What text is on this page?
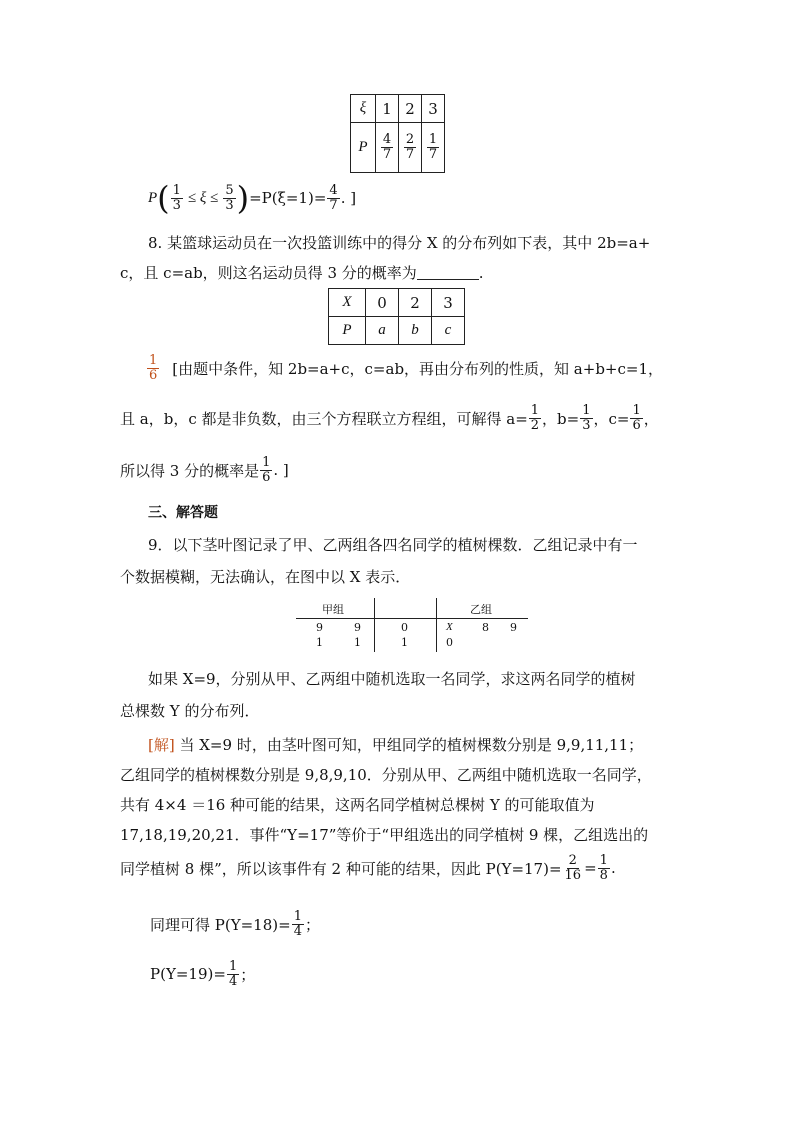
ξ	1	2	3
P	$\frac{4}{7}$	$\frac{2}{7}$	$\frac{1}{7}$
P ( $\frac{1}{3} \le \xi \le \frac{5}{3}$ ) $=P(\xi=1)= \frac{4}{7}$ . ]
8. 某篮球运动员在一次投篮训练中的得分 X 的分布列如下表，其中 2b=a+
c，且 c=ab，则这名运动员得 3 分的概率为	.
X	0	2	3
P	a	b	c
$\frac{1}{6}$ [由题中条件，知 2b=a+c，c=ab，再由分布列的性质，知 a+b+c=1，
且 a，b，c 都是非负数，由三个方程联立方程组，可解得 $a= \frac{1}{2}$ ，$b= \frac{1}{3}$ ，$c= \frac{1}{6}$ ，
所以得 3 分的概率是 $\frac{1}{6}$ . ]
三、解答题
9．以下茎叶图记录了甲、乙两组各四名同学的植树棵数．乙组记录中有一
个数据模糊，无法确认，在图中以 X 表示．
甲组	乙组
9	9	0	X	8 9
1	1	1	0
如果 X=9，分别从甲、乙两组中随机选取一名同学，求这两名同学的植树
总棵数 Y 的分布列．
[解] 当 X=9 时，由茎叶图可知，甲组同学的植树棵数分别是 9,9,11,11；
乙组同学的植树棵数分别是 9,8,9,10．分别从甲、乙两组中随机选取一名同学，
共有 4×4 ＝16 种可能的结果，这两名同学植树总棵树 Y 的可能取值为
17,18,19,20,21．事件“Y=17”等价于“甲组选出的同学植树 9 棵，乙组选出的
同学植树 8 棵”，所以该事件有 2 种可能的结果，因此 $P(Y=17)= \frac{2}{16} = \frac{1}{8}$ .
同理可得 $P(Y=18)= \frac{1}{4}$ ；
$P(Y=19)= \frac{1}{4}$ ；
